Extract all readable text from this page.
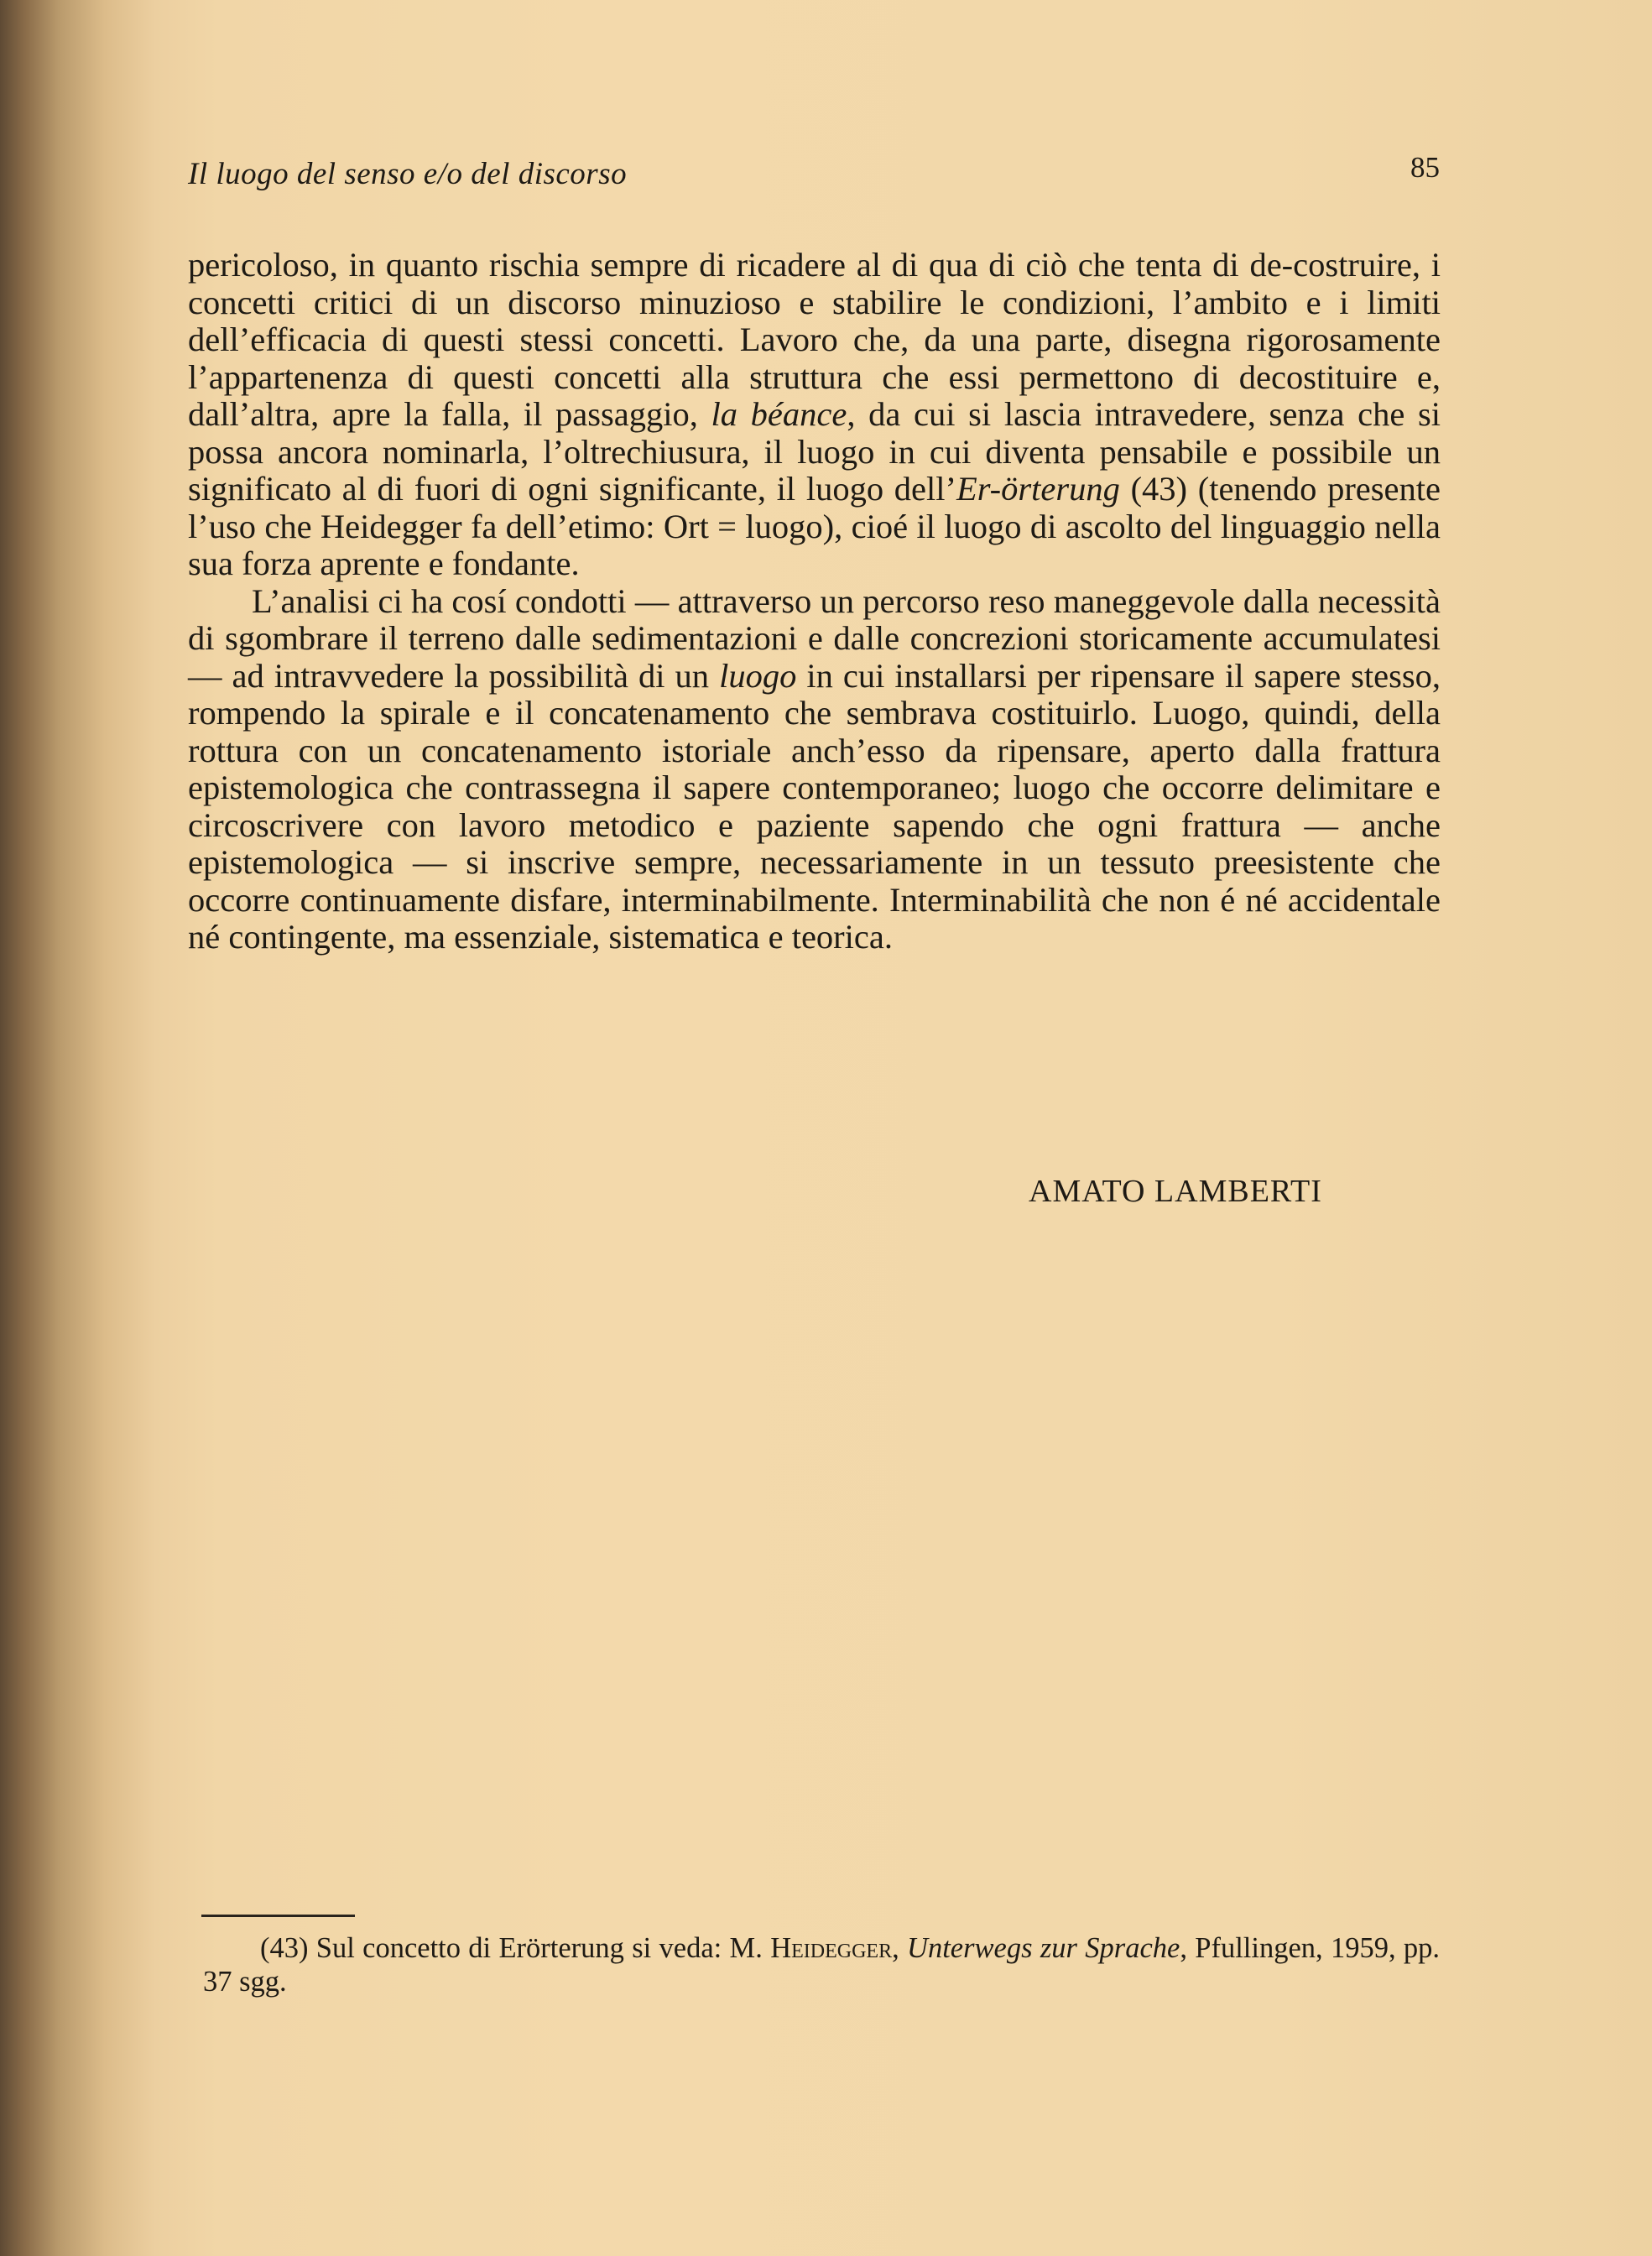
Il luogo del senso e/o del discorso	85

pericoloso, in quanto rischia sempre di ricadere al di qua di ciò che tenta di de-costruire, i concetti critici di un discorso minuzioso e stabilire le condizioni, l’ambito e i limiti dell’efficacia di questi stessi concetti. Lavoro che, da una parte, disegna rigorosamente l’appartenenza di questi concetti alla struttura che essi permettono di decostituire e, dall’altra, apre la falla, il passaggio, la béance, da cui si lascia intravedere, senza che si possa ancora nominarla, l’oltrechiusura, il luogo in cui diventa pensabile e possibile un significato al di fuori di ogni significante, il luogo dell’Er-örterung (43) (tenendo presente l’uso che Heidegger fa dell’etimo: Ort = luogo), cioé il luogo di ascolto del linguaggio nella sua forza aprente e fondante.

L’analisi ci ha cosí condotti — attraverso un percorso reso maneggevole dalla necessità di sgombrare il terreno dalle sedimentazioni e dalle concrezioni storicamente accumulatesi — ad intravvedere la possibilità di un luogo in cui installarsi per ripensare il sapere stesso, rompendo la spirale e il concatenamento che sembrava costituirlo. Luogo, quindi, della rottura con un concatenamento istoriale anch’esso da ripensare, aperto dalla frattura epistemologica che contrassegna il sapere contemporaneo; luogo che occorre delimitare e circoscrivere con lavoro metodico e paziente sapendo che ogni frattura — anche epistemologica — si inscrive sempre, necessariamente in un tessuto preesistente che occorre continuamente disfare, interminabilmente. Interminabilità che non é né accidentale né contingente, ma essenziale, sistematica e teorica.

AMATO LAMBERTI
(43) Sul concetto di Erörterung si veda: M. Heidegger, Unterwegs zur Sprache, Pfullingen, 1959, pp. 37 sgg.
